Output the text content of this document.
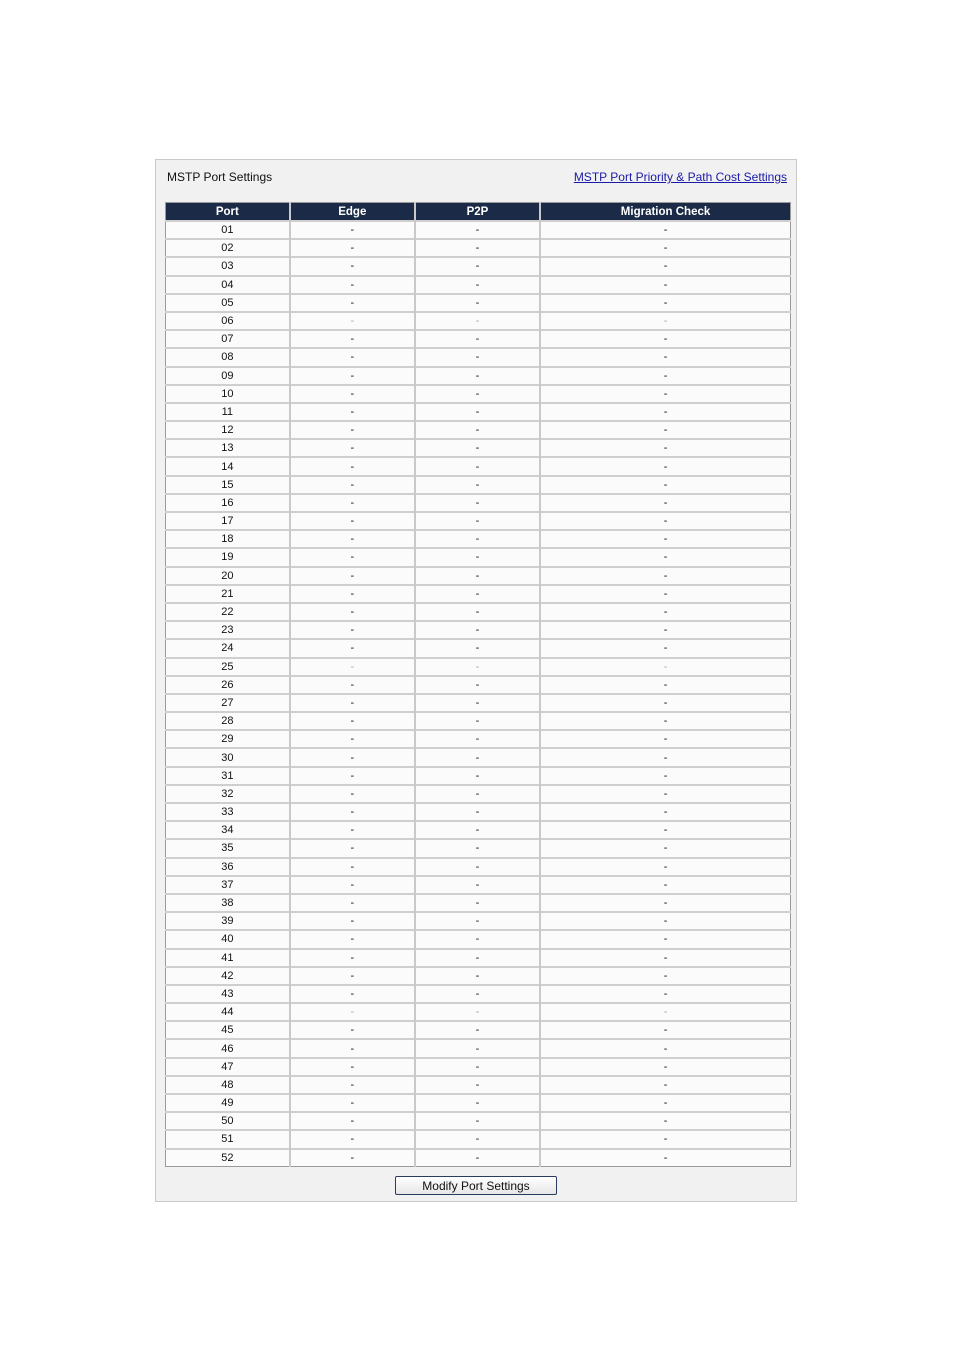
MSTP Port Settings	MSTP Port Priority & Path Cost Settings
Port	Edge	P2P	Migration Check
01	-	-	-
02	-	-	-
03	-	-	-
04	-	-	-
05	-	-	-
06	-	-	-
07	-	-	-
08	-	-	-
09	-	-	-
10	-	-	-
11	-	-	-
12	-	-	-
13	-	-	-
14	-	-	-
15	-	-	-
16	-	-	-
17	-	-	-
18	-	-	-
19	-	-	-
20	-	-	-
21	-	-	-
22	-	-	-
23	-	-	-
24	-	-	-
25	-	-	-
26	-	-	-
27	-	-	-
28	-	-	-
29	-	-	-
30	-	-	-
31	-	-	-
32	-	-	-
33	-	-	-
34	-	-	-
35	-	-	-
36	-	-	-
37	-	-	-
38	-	-	-
39	-	-	-
40	-	-	-
41	-	-	-
42	-	-	-
43	-	-	-
44	-	-	-
45	-	-	-
46	-	-	-
47	-	-	-
48	-	-	-
49	-	-	-
50	-	-	-
51	-	-	-
52	-	-	-
Modify Port Settings
